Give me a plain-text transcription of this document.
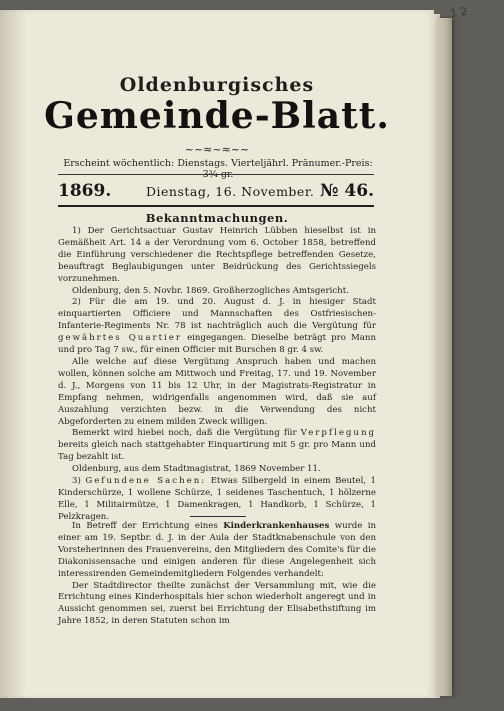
1 2
Oldenburgisches
Gemeinde-Blatt.
~~≈~≈~~
Erscheint wöchentlich: Dienstags. Vierteljährl. Pränumer.-Preis: 3¾ gr.
1869.	Dienstag, 16. November. № 46.
Bekanntmachungen.

1) Der Gerichtsactuar Gustav Heinrich Lübben hieselbst ist in Gemäßheit Art. 14 a der Verordnung vom 6. October 1858, betreffend die Einführung verschiedener die Rechtspflege betreffenden Gesetze, beauftragt Beglaubigungen unter Beidrückung des Gerichtssiegels vorzunehmen.

Oldenburg, den 5. Novbr. 1869. Großherzogliches Amtsgericht.

2) Für die am 19. und 20. August d. J. in hiesiger Stadt einquartierten Officiere und Mannschaften des Ostfriesischen-Infanterie-Regiments Nr. 78 ist nachträglich auch die Vergütung für gewährtes Quartier eingegangen. Dieselbe beträgt pro Mann und pro Tag 7 sw., für einen Officier mit Burschen 8 gr. 4 sw.

Alle welche auf diese Vergütung Anspruch haben und machen wollen, können solche am Mittwoch und Freitag, 17. und 19. November d. J., Morgens von 11 bis 12 Uhr, in der Magistrats-Registratur in Empfang nehmen, widrigenfalls angenommen wird, daß sie auf Auszahlung verzichten bezw. in die Verwendung des nicht Abgeforderten zu einem milden Zweck willigen.

Bemerkt wird hiebei noch, daß die Vergütung für Verpflegung bereits gleich nach stattgehabter Einquartirung mit 5 gr. pro Mann und Tag bezahlt ist.

Oldenburg, aus dem Stadtmagistrat, 1869 November 11.

3) Gefundene Sachen: Etwas Silbergeld in einem Beutel, 1 Kinderschürze, 1 wollene Schürze, 1 seidenes Taschentuch, 1 hölzerne Elle, 1 Militairmütze, 1 Damenkragen, 1 Handkorb, 1 Schürze, 1 Pelzkragen.

In Betreff der Errichtung eines Kinderkrankenhauses wurde in einer am 19. Septbr. d. J. in der Aula der Stadtknabenschule von den Vorsteherinnen des Frauenvereins, den Mitgliedern des Comite's für die Diakonissensache und einigen anderen für diese Angelegenheit sich interessirenden Gemeindemitgliedern Folgendes verhandelt:

Der Stadtdirector theilte zunächst der Versammlung mit, wie die Errichtung eines Kinderhospitals hier schon wiederholt angeregt und in Aussicht genommen sei, zuerst bei Errichtung der Elisabethstiftung im Jahre 1852, in deren Statuten schon im
